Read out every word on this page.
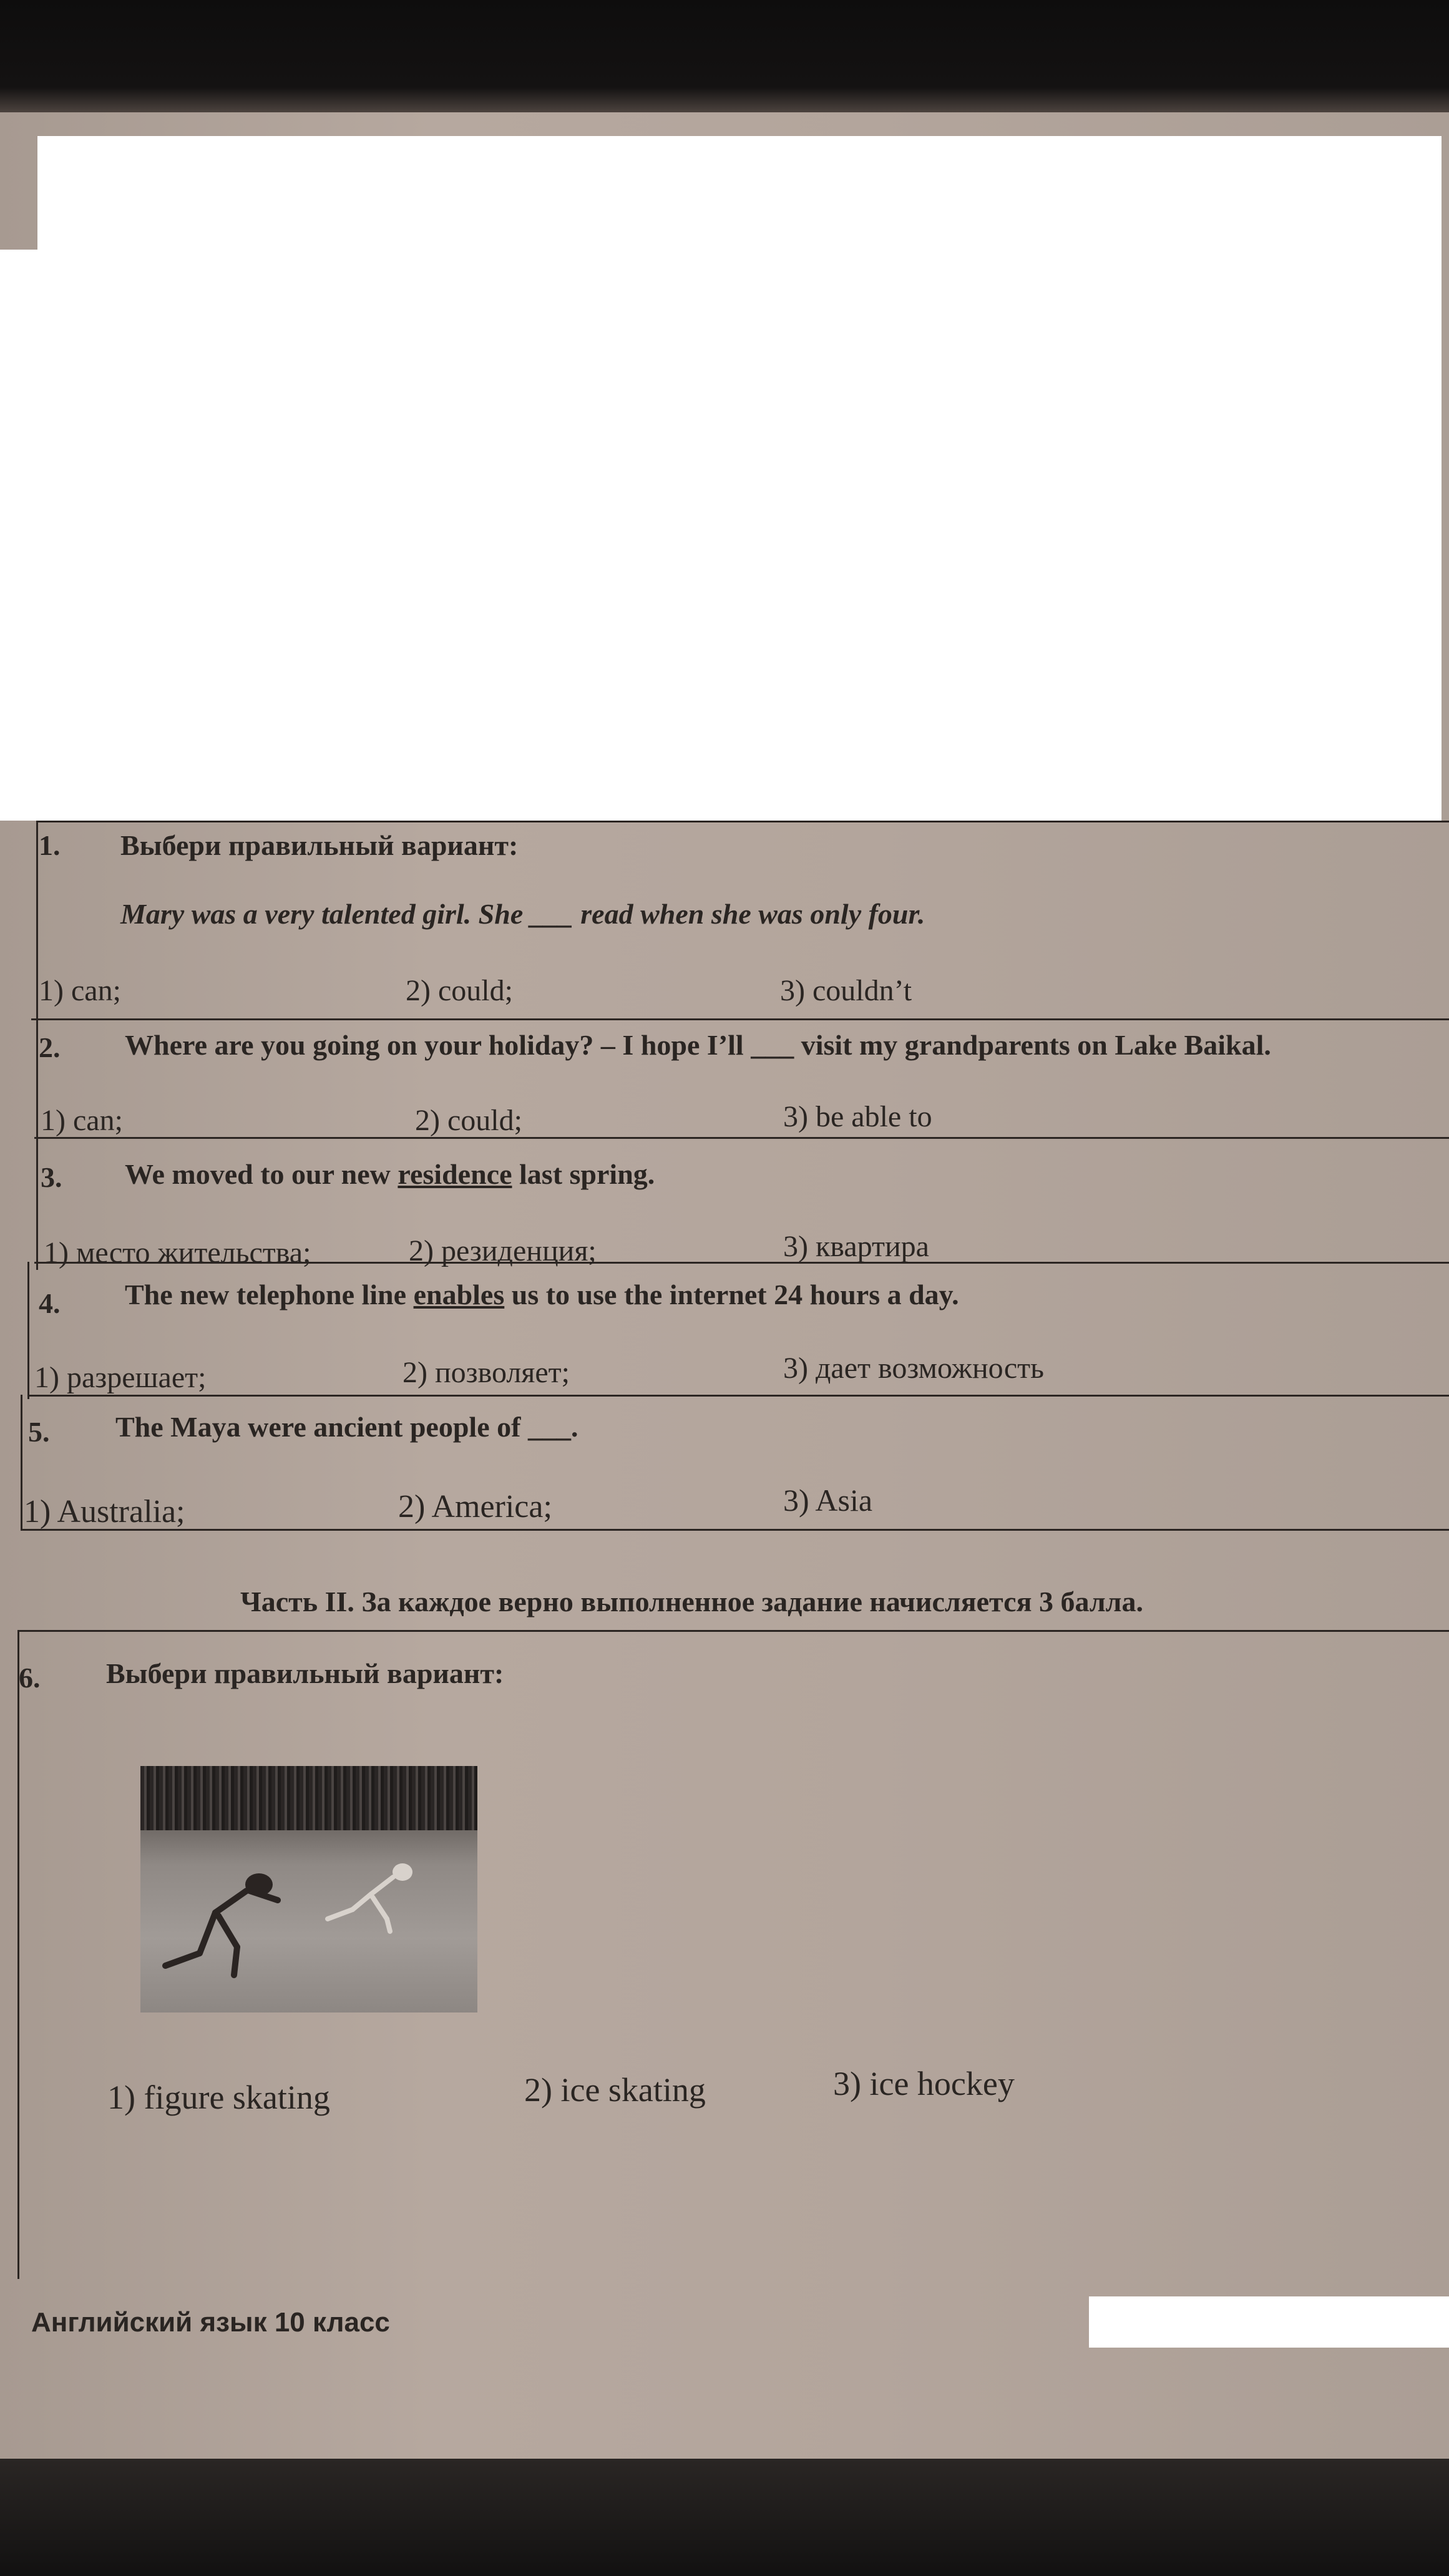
1. Выбери правильный вариант:
Mary was a very talented girl. She ___ read when she was only four.
1) can;	2) could;	3) couldn’t
2. Where are you going on your holiday? – I hope I’ll ___ visit my grandparents on Lake Baikal.
1) can;	2) could;	3) be able to
3. We moved to our new residence last spring.
1) место жительства;	2) резиденция;	3) квартира
4. The new telephone line enables us to use the internet 24 hours a day.
1) разрешает;	2) позволяет;	3) дает возможность
5. The Maya were ancient people of ___.
1) Australia;	2) America;	3) Asia
Часть II. За каждое верно выполненное задание начисляется 3 балла.
6. Выбери правильный вариант:
1) figure skating	2) ice skating	3) ice hockey
Английский язык 10 класс
